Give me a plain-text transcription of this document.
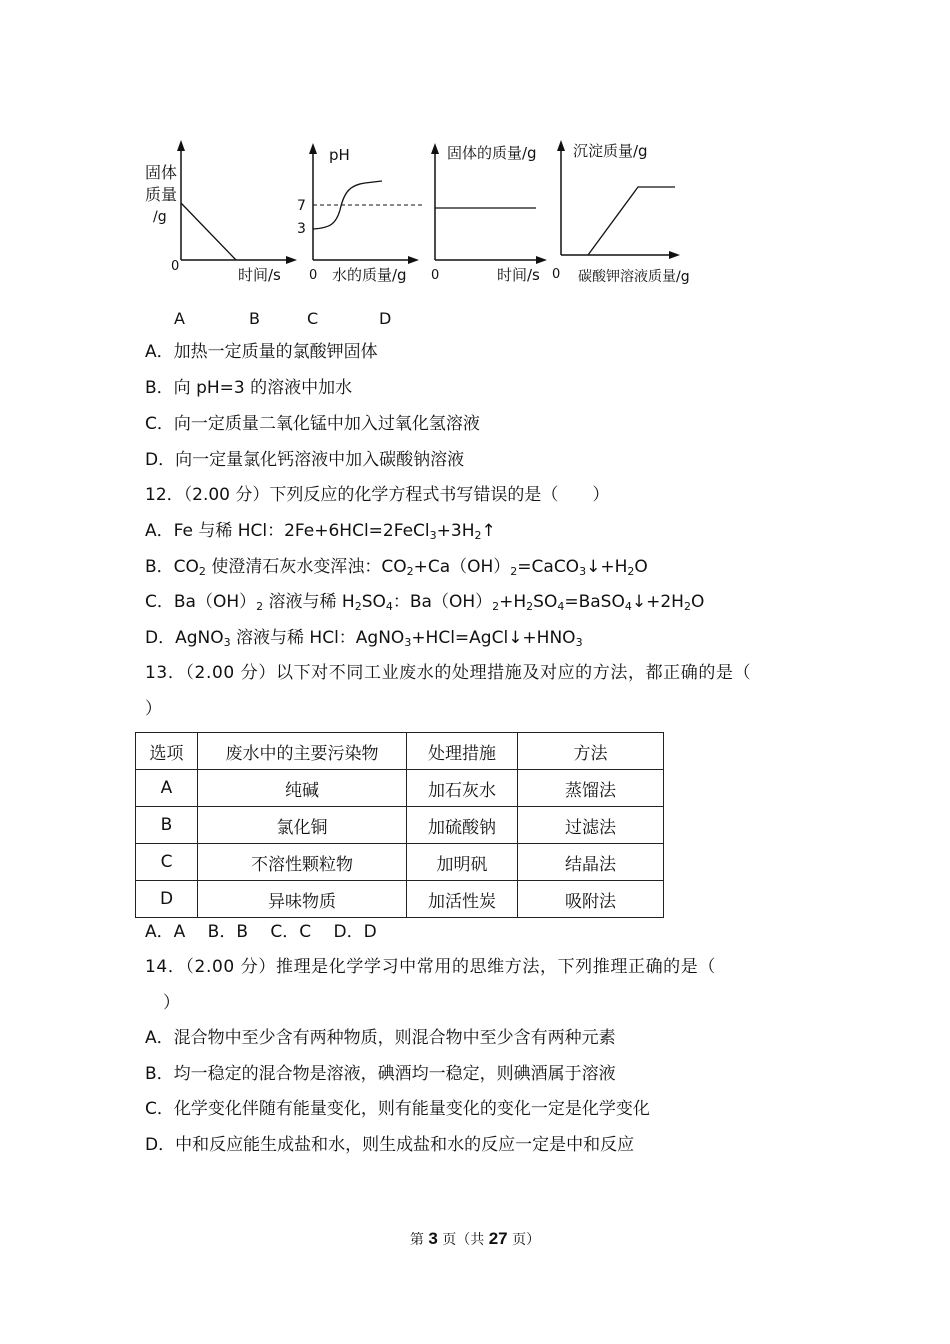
固体
质量
/g
0	时间/s
pH
7
3
0 水的质量/g
固体的质量/g
0	时间/s
沉淀质量/g
0 碳酸钾溶液质量/g
A	B	C	D
A．加热一定质量的氯酸钾固体
B．向 pH=3 的溶液中加水
C．向一定质量二氧化锰中加入过氧化氢溶液
D．向一定量氯化钙溶液中加入碳酸钠溶液
12．（2.00 分）下列反应的化学方程式书写错误的是（　　）
A．Fe 与稀 HCl：$2Fe+6HCl=2FeCl_3+3H_2↑$
B．$CO_2$ 使澄清石灰水变浑浊：$CO_2+Ca(OH)_2=CaCO_3↓+H_2O$
C．$Ba(OH)_2$ 溶液与稀 $H_2SO_4$：$Ba(OH)_2+H_2SO_4=BaSO_4↓+2H_2O$
D．AgNO$_3$ 溶液与稀 HCl：$AgNO_3+HCl=AgCl↓+HNO_3$
13．（2.00 分）以下对不同工业废水的处理措施及对应的方法，都正确的是（
）
选项	废水中的主要污染物	处理措施	方法
A	纯碱	加石灰水	蒸馏法
B	氯化铜	加硫酸钠	过滤法
C	不溶性颗粒物	加明矾	结晶法
D	异味物质	加活性炭	吸附法
A．A　 B．B　 C．C　 D．D
14．（2.00 分）推理是化学学习中常用的思维方法，下列推理正确的是（
）
A．混合物中至少含有两种物质，则混合物中至少含有两种元素
B．均一稳定的混合物是溶液，碘酒均一稳定，则碘酒属于溶液
C．化学变化伴随有能量变化，则有能量变化的变化一定是化学变化
D．中和反应能生成盐和水，则生成盐和水的反应一定是中和反应
第 3 页（共 27 页）
